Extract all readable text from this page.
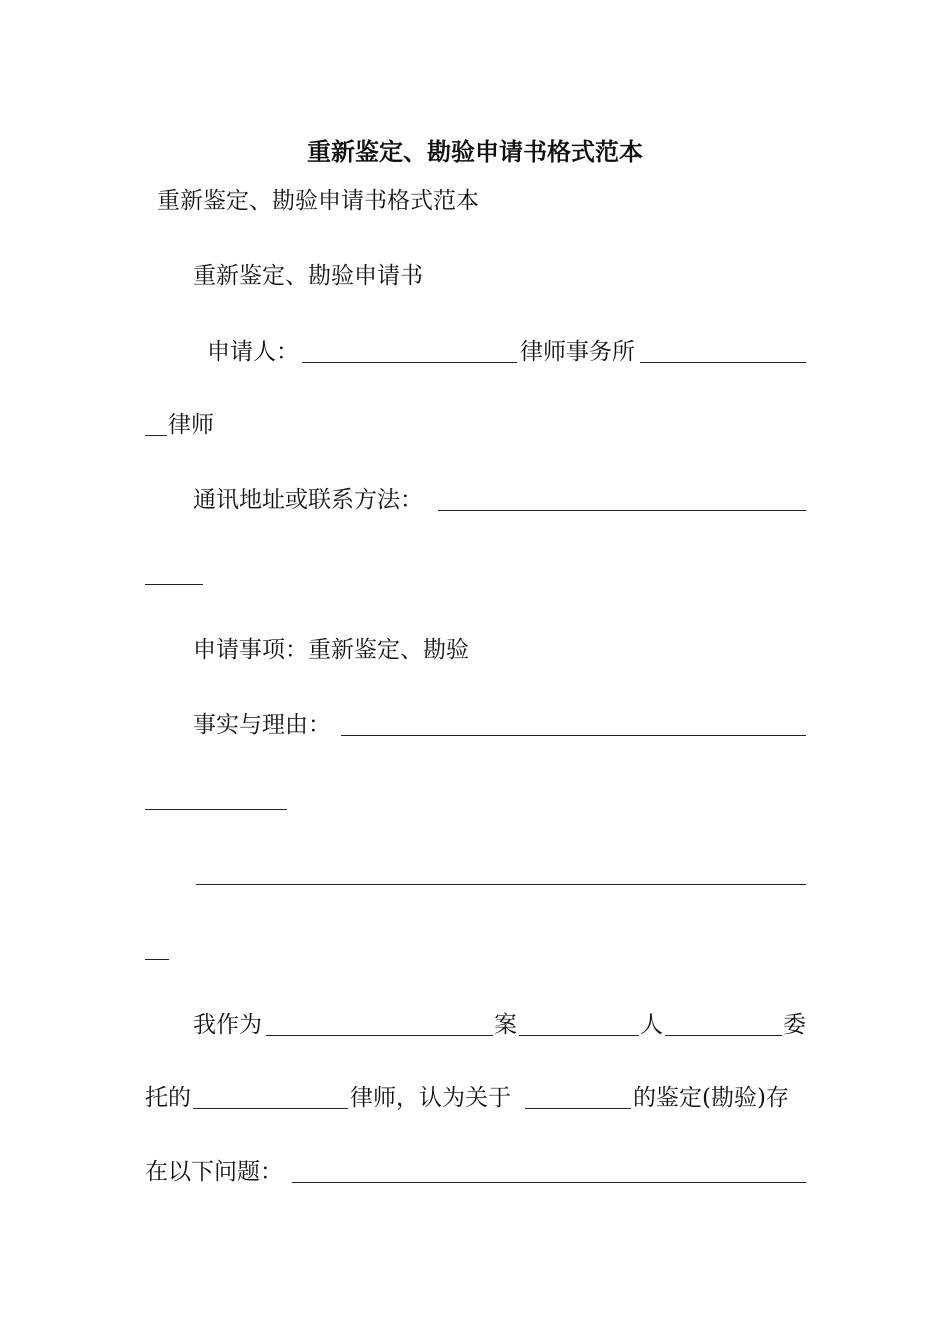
重新鉴定、勘验申请书格式范本
重新鉴定、勘验申请书格式范本
重新鉴定、勘验申请书
申请人：	律师事务所
律师
通讯地址或联系方法：
申请事项：重新鉴定、勘验
事实与理由：
我作为	案	人	委
托的	律师，认为关于	的鉴定(勘验)存
在以下问题：
